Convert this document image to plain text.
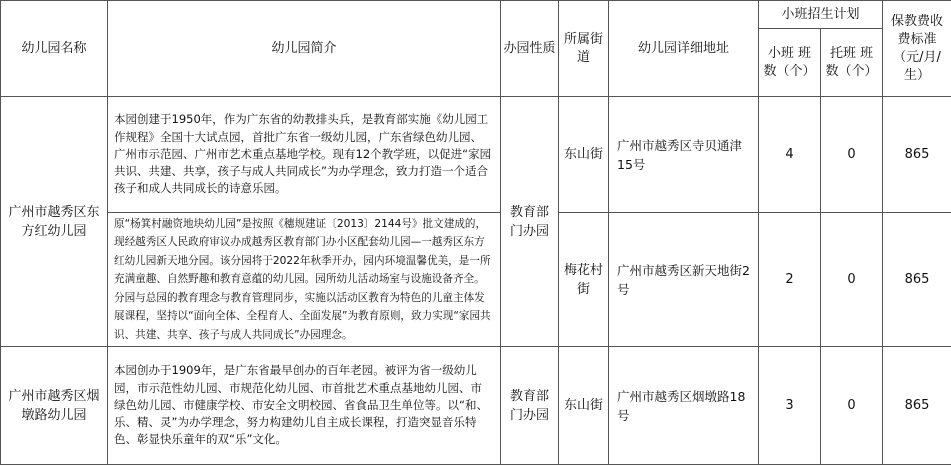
幼儿园名称	幼儿园简介	办园性质	所属街道	幼儿园详细地址	小班招生计划		保教费收费标准（元/月/生）
					小班 班数（个）	托班 班数（个）	
广州市越秀区东方红幼儿园	本园创建于1950年，作为广东省的幼教排头兵，是教育部实施《幼儿园工作规程》全国十大试点园，首批广东省一级幼儿园，广东省绿色幼儿园、广州市示范园、广州市艺术重点基地学校。现有12个教学班，以促进“家园共识、共建、共享，孩子与成人共同成长”为办学理念，致力打造一个适合孩子和成人共同成长的诗意乐园。	教育部门办园	东山街	广州市越秀区寺贝通津15号	4	0	865
	原“杨箕村融资地块幼儿园”是按照《穗规建证〔2013〕2144号》批文建成的，现经越秀区人民政府审议办成越秀区教育部门办小区配套幼儿园—一越秀区东方红幼儿园新天地分园。该分园将于2022年秋季开办，园内环境温馨优美，是一所充满童趣、自然野趣和教育意蕴的幼儿园。园所幼儿活动场室与设施设备齐全。分园与总园的教育理念与教育管理同步，实施以活动区教育为特色的儿童主体发展课程，坚持以“面向全体、全程育人、全面发展”为教育原则，致力实现“家园共识、共建、共享、孩子与成人共同成长”办园理念。		梅花村街	广州市越秀区新天地街2号	2	0	865
广州市越秀区烟墩路幼儿园	本园创办于1909年，是广东省最早创办的百年老园。被评为省一级幼儿园，市示范性幼儿园、市规范化幼儿园、市首批艺术重点基地幼儿园、市绿色幼儿园、市健康学校、市安全文明校园、省食品卫生单位等。以“和、乐、精、灵”为办学理念，努力构建幼儿自主成长课程，打造突显音乐特色、彰显快乐童年的双“乐”文化。	教育部门办园	东山街	广州市越秀区烟墩路18号	3	0	865
